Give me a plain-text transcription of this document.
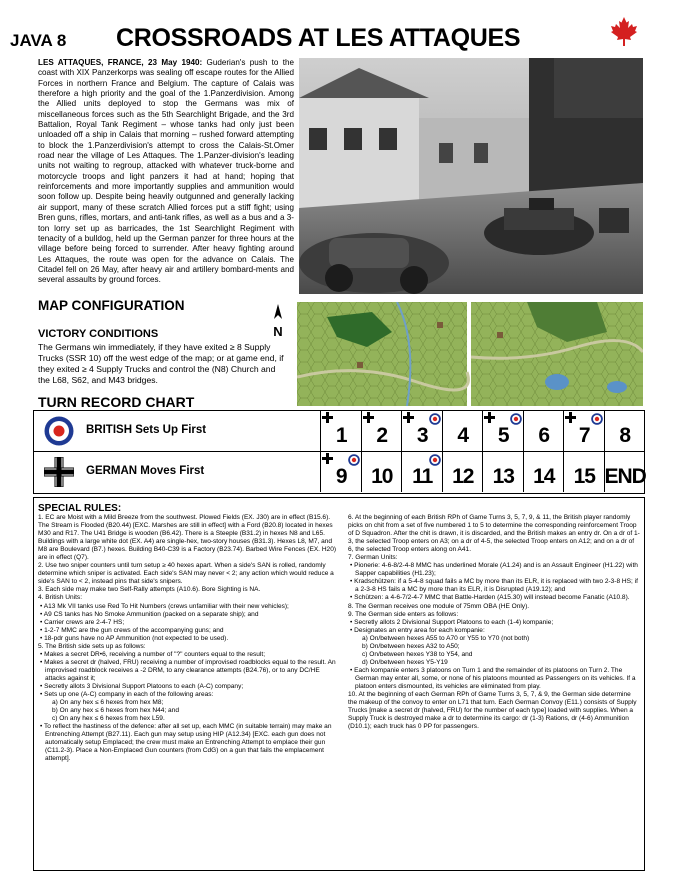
JAVA 8 CROSSROADS AT LES ATTAQUES
LES ATTAQUES, FRANCE, 23 May 1940: Guderian's push to the coast with XIX Panzerkorps was sealing off escape routes for the Allied Forces in northern France and Belgium. The capture of Calais was therefore a high priority and the goal of the 1.Panzerdivision. Among the Allied units deployed to stop the Germans was mix of miscellaneous forces such as the 5th Searchlight Brigade, and the 3rd Battalion, Royal Tank Regiment – whose tanks had only just been unloaded off a ship in Calais that morning – rushed forward attempting to block the 1.Panzerdivision's attempt to cross the Calais-St.Omer road near the village of Les Attaques. The 1.Panzer-division's leading units not waiting to regroup, attacked with whatever truck-borne and motorcycle troops and light panzers it had at hand; hoping that reinforcements and more importantly supplies and ammunition would soon follow up. Despite being heavily outgunned and generally lacking air support, many of these scratch Allied forces put a stiff fight; using Bren guns, rifles, mortars, and anti-tank rifles, as well as a bus and a 3-ton lorry set up as barricades, the 1st Searchlight Regiment with tenacity of a bulldog, held up the German panzer for three hours at the village before being forced to surrender. After heavy fighting around Les Attaques, the route was open for the advance on Calais. The Citadel fell on 26 May, after heavy air and artillery bombard-ments and several assaults by ground forces.
MAP CONFIGURATION
N
VICTORY CONDITIONS
The Germans win immediately, if they have exited ≥ 8 Supply Trucks (SSR 10) off the west edge of the map; or at game end, if they exited ≥ 4 Supply Trucks and control the (N8) Church and the L68, S62, and M43 bridges.
TURN RECORD CHART
BRITISH Sets Up First	1	2	3	4	5	6	7	8
GERMAN Moves First	9	10 11 12 13 14 15 END
SPECIAL RULES:

1. EC are Moist with a Mild Breeze from the southwest. Plowed Fields (EX. J30) are in effect (B15.6). The Stream is Flooded (B20.44) [EXC. Marshes are still in effect] with a Ford (B20.8) located in hexes M30 and R17. The U41 Bridge is wooden (B6.42). There is a Steeple (B31.2) in hexes N8 and L65. Buildings with a large white dot (EX. A4) are single-hex, two-story houses (B31.3). Hexes L8, M7, and M8 are Boulevard (B7.) hexes. Building B40-C39 is a Factory (B23.74). Barbed Wire Fences (EX. H20) are in effect (Q7).

2. Use two sniper counters until turn setup ≥ 40 hexes apart. When a side's SAN is rolled, randomly determine which sniper is activated. Each side's SAN may never < 2; any action which would reduce a side's SAN to < 2, instead pins that side's snipers.

3. Each side may make two Self-Rally attempts (A10.6). Bore Sighting is NA.

4. British Units:

• A13 Mk VII tanks use Red To Hit Numbers (crews unfamiliar with their new vehicles);

• A9 CS tanks has No Smoke Ammunition (packed on a separate ship); and

• Carrier crews are 2-4-7 HS;

• 1-2-7 MMC are the gun crews of the accompanying guns; and

• 18-pdr guns have no AP Ammunition (not expected to be used).

5. The British side sets up as follows:

• Makes a secret DR•6, receiving a number of "?" counters equal to the result;

• Makes a secret dr (halved, FRU) receiving a number of improvised roadblocks equal to the result. An improvised roadblock receives a -2 DRM, to any clearance attempts (B24.76), or to any DC/HE attacks against it;

• Secretly allots 3 Divisional Support Platoons to each (A-C) company;

• Sets up one (A-C) company in each of the following areas:

a) On any hex ≤ 6 hexes from hex M8;

b) On any hex ≤ 6 hexes from hex N44; and

c) On any hex ≤ 6 hexes from hex L59.

• To reflect the hastiness of the defence: after all set up, each MMC (in suitable terrain) may make an Entrenching Attempt (B27.11). Each gun may setup using HIP (A12.34) [EXC. each gun does not automatically setup Emplaced; the crew must make an Entrenching Attempt to emplace their gun (C11.2-3). Place a Non-Emplaced Gun counters (from CdG) on a gun that fails the emplacement attempt].

6. At the beginning of each British RPh of Game Turns 3, 5, 7, 9, & 11, the British player randomly picks on chit from a set of five numbered 1 to 5 to determine the corresponding reinforcement Troop of D Squadron. After the chit is drawn, it is discarded, and the British makes an entry dr. On a dr of 1-3, the selected Troop enters on A3; on a dr of 4-5, the selected Troop enters on A12; and on a dr of 6, the selected Troop enters along on A41.

7. German Units:

• Pioneriе: 4-6-8/2-4-8 MMC has underlined Morale (A1.24) and is an Assault Engineer (H1.22) with Sapper capabilities (H1.23);

• Kradschützen: if a 5-4-8 squad fails a MC by more than its ELR, it is replaced with two 2-3-8 HS; if a 2-3-8 HS fails a MC by more than its ELR, it is Disrupted (A19.12); and

• Schützen: a 4-6-7/2-4-7 MMC that Battle-Harden (A15.30) will instead become Fanatic (A10.8).

8. The German receives one module of 75mm OBA (HE Only).

9. The German side enters as follows:

• Secretly allots 2 Divisional Support Platoons to each (1-4) kompanie;

• Designates an entry area for each kompanie:

a) On/between hexes A55 to A70 or Y55 to Y70 (not both)

b) On/between hexes A32 to A50;

c) On/between hexes Y38 to Y54, and

d) On/between hexes Y5-Y19

• Each kompanie enters 3 platoons on Turn 1 and the remainder of its platoons on Turn 2. The German may enter all, some, or none of his platoons mounted as Passengers on its vehicles. If a platoon enters dismounted, its vehicles are eliminated from play.

10. At the beginning of each German RPh of Game Turns 3, 5, 7, & 9, the German side determine the makeup of the convoy to enter on L71 that turn. Each German Convoy (E11.) consists of Supply Trucks [make a secret dr (halved, FRU) for the number of each type] loaded with supplies. When a Supply Truck is destroyed make a dr to determine its cargo: dr (1-3) Rations, dr (4-6) Ammunition (D10.1); each truck has 0 PP for passengers.
